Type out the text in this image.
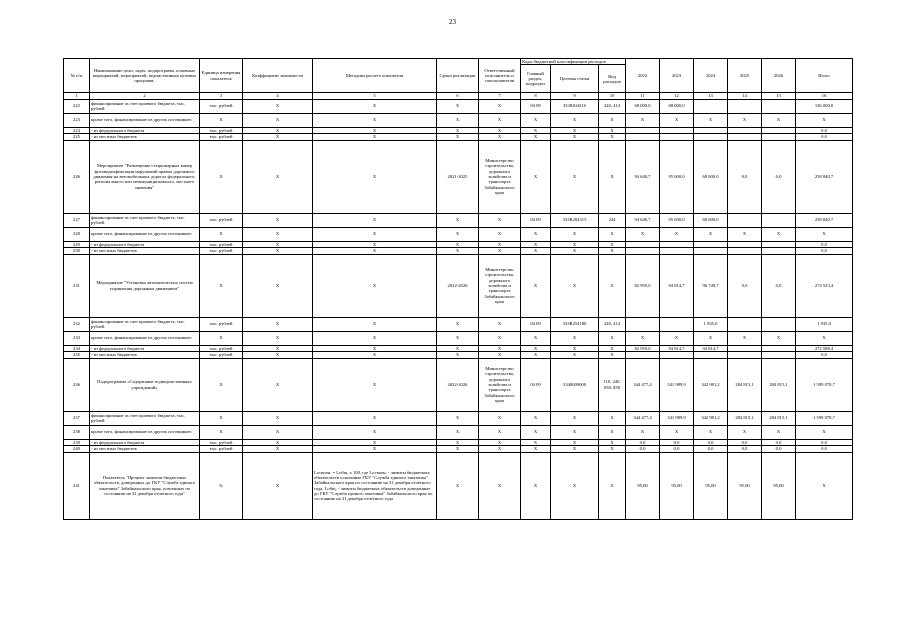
23
№ п/п	Наименование цели, задач, подпрограмм, основных мероприятий, мероприятий, ведомственных целевых программ,	Единица измерения показателя	Коэффициент значимости	Методика расчета показателя	Сроки реализации	Ответственный исполнитель и соисполнители	Коды бюджетной классификации расходов			2022	2023	2024	2025	2026	Итого
							Главный раздел, подраздел	Целевая статья	Вид расходов						
1	2	3	4	5	6	7	8	9	10	11	12	13	14	15	16
222	финансирование за счет краевого бюджета, тыс. рублей	тыс. рублей	X	X	X	X	04 09	333820431S	240, 414	68 000,0	68 000,0				136 000,0
223	кроме того, финансирование из других источников:	X	X	X	X	X	X	X	X	X	X	X	X	X	X
224	- из федерального бюджета	тыс. рублей	X	X	X	X	X	X	X						0,0
225	- из местных бюджетов	тыс. рублей	X	X	X	X	X	X	X						0,0
226	Мероприятие "Размещение стационарных камер фотовидеофиксации нарушений правил дорожного движения на автомобильных дорогах федерального, регионального или межмуниципального, местного значения"	X	X	X	2021-2025	Министерство строительства, дорожного хозяйства и транспорта Забайкальского края	X	X	X	94 640,7	95 600,0	68 600,0	0,0	0,0	258 840,7
227	финансирование за счет краевого бюджета, тыс. рублей	тыс. рублей	X	X	X	X	04 09	333R204315	244	94 640,7	95 600,0	68 600,0			258 840,7
228	кроме того, финансирование из других источников:	X	X	X	X	X	X	X	X	X	X	X	X	X	X
229	- из федерального бюджета	тыс. рублей	X	X	X	X	X	X	X						0,0
230	- из местных бюджетов	тыс. рублей	X	X	X	X	X	X	X						0,0
231	Мероприятие "Установка автоматических систем управления дорожным движением"	X	X	X	2022-2026	Министерство строительства, дорожного хозяйства и транспорта Забайкальского края	X	X	X	82 959,0	94 814,7	96 749,7	0,0	0,0	274 523,4
232	финансирование за счет краевого бюджета, тыс. рублей	тыс. рублей	X	X	X	X	04 09	333R254180	240, 414			1 935,0			1 935,0
233	кроме того, финансирование из других источников:	X	X	X	X	X	X	X	X	X	X	X	X	X	X
234	- из федерального бюджета	тыс. рублей	X	X	X	X	X	X	X	82 959,0	94 814,7	94 814,7			272 588,4
235	- из местных бюджетов	тыс. рублей	X	X	X	X	X	X	X						0,0
236	Подпрограмма «Содержание подведомственных учреждений»	X	X	X	2022-2026	Министерство строительства, дорожного хозяйства и транспорта Забайкальского края	04 09	3340000000	110, 240, 830, 850	344 477,4	341 989,9	342 981,2	284 815,1	284 815,1	1 599 078,7
237	финансирование за счет краевого бюджета, тыс. рублей	X	X	X	X	X	X	X	X	344 477,4	341 989,9	342 981,2	284 815,1	284 815,1	1 599 078,7
238	кроме того, финансирование из других источников:	X	X	X	X	X	X	X	X	X	X	X	X	X	X
239	- из федерального бюджета	тыс. рублей	X	X	X	X	X	X	X	0,0	0,0	0,0	0,0	0,0	0,0
240	- из местных бюджетов	тыс. рублей	X	X	X	X	X	X	X	0,0	0,0	0,0	0,0	0,0	0,0
241	Показатель "Процент лимитов бюджетных обязательств, доведенных до ГКУ "Служба единого заказчика" Забайкальского края, освоенных по состоянию на 31 декабря отчетного года"	%	X	Lосвоен. = Lобщ. x 100, где Lосвоен. - лимиты бюджетных обязательств освоенные ГКУ "Служба единого заказчика" Забайкальского края по состоянию на 31 декабря отчетного года, Lобщ. - лимиты бюджетных обязательств доведенные до ГКУ "Служба единого заказчика" Забайкальского края по состоянию на 31 декабря отчетного года	X	X	X	X	X	95,00	95,00	95,00	95,00	95,00	X
